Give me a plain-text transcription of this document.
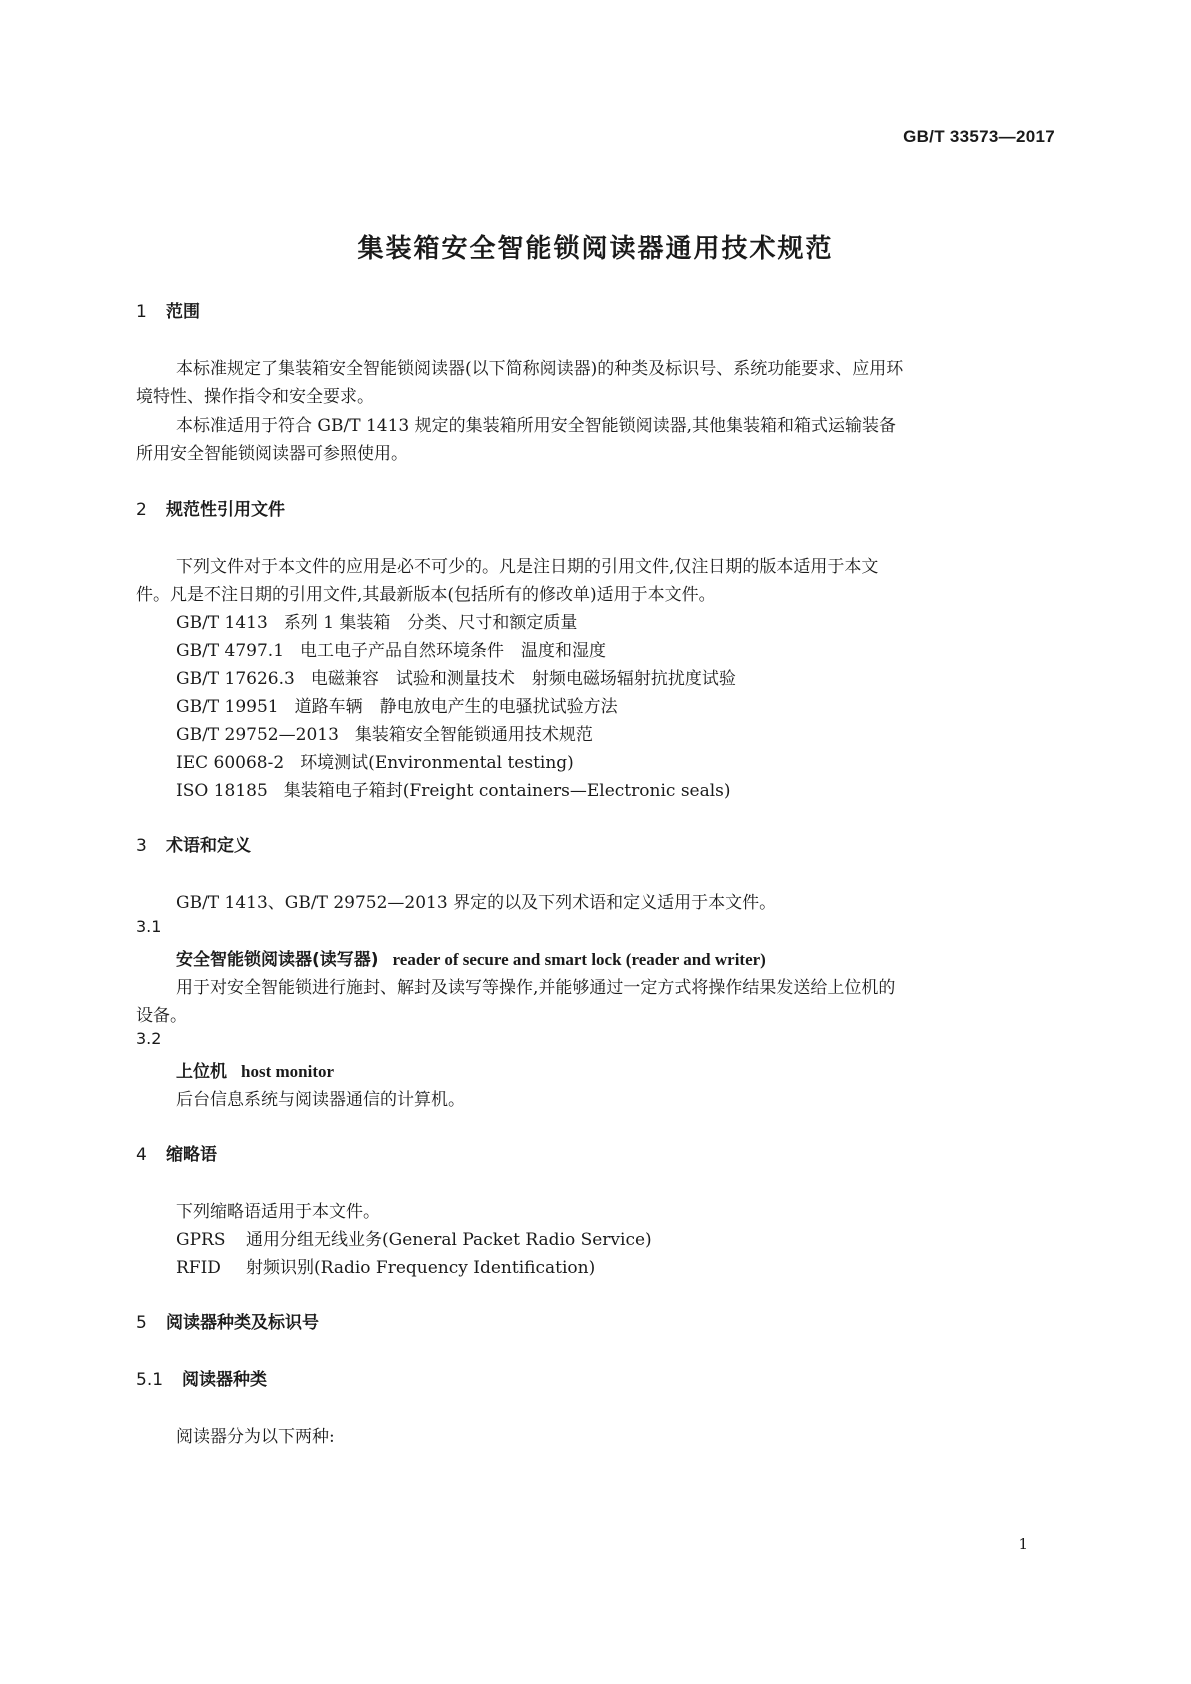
GB/T 33573—2017
集装箱安全智能锁阅读器通用技术规范
1 范围
本标准规定了集装箱安全智能锁阅读器(以下简称阅读器)的种类及标识号、系统功能要求、应用环
境特性、操作指令和安全要求。
本标准适用于符合 GB/T 1413 规定的集装箱所用安全智能锁阅读器,其他集装箱和箱式运输装备
所用安全智能锁阅读器可参照使用。
2 规范性引用文件
下列文件对于本文件的应用是必不可少的。凡是注日期的引用文件,仅注日期的版本适用于本文
件。凡是不注日期的引用文件,其最新版本(包括所有的修改单)适用于本文件。
GB/T 1413 系列 1 集装箱　分类、尺寸和额定质量
GB/T 4797.1 电工电子产品自然环境条件　温度和湿度
GB/T 17626.3 电磁兼容　试验和测量技术　射频电磁场辐射抗扰度试验
GB/T 19951 道路车辆　静电放电产生的电骚扰试验方法
GB/T 29752—2013 集装箱安全智能锁通用技术规范
IEC 60068-2 环境测试(Environmental testing)
ISO 18185 集装箱电子箱封(Freight containers—Electronic seals)
3 术语和定义
GB/T 1413、GB/T 29752—2013 界定的以及下列术语和定义适用于本文件。
3.1
安全智能锁阅读器(读写器) reader of secure and smart lock (reader and writer)
用于对安全智能锁进行施封、解封及读写等操作,并能够通过一定方式将操作结果发送给上位机的
设备。
3.2
上位机 host monitor
后台信息系统与阅读器通信的计算机。
4 缩略语
下列缩略语适用于本文件。
GPRS 通用分组无线业务(General Packet Radio Service)
RFID 射频识别(Radio Frequency Identification)
5 阅读器种类及标识号
5.1 阅读器种类
阅读器分为以下两种:
1
